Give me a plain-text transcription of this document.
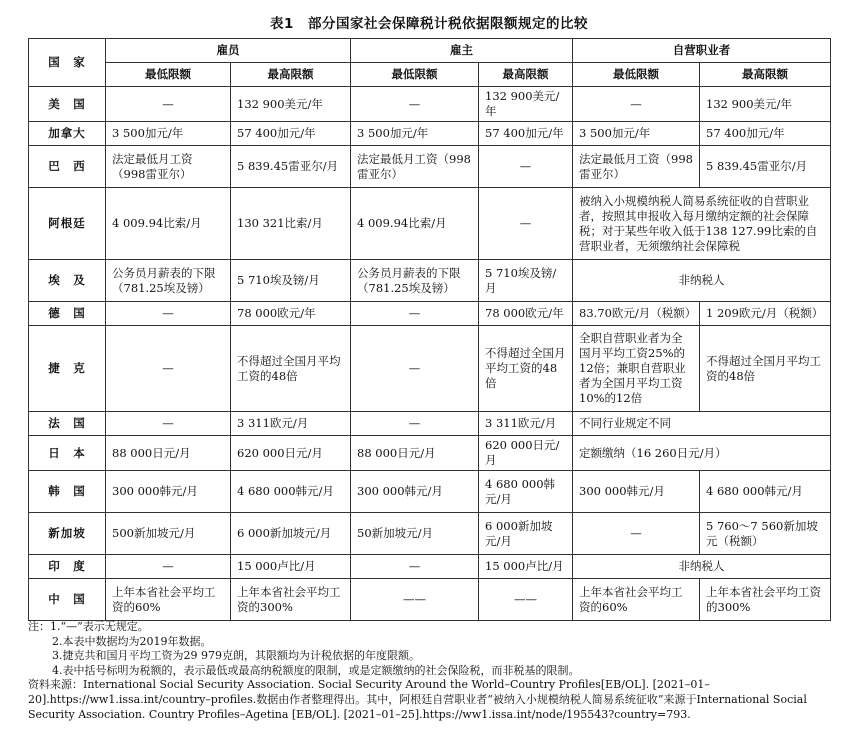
表1　部分国家社会保障税计税依据限额规定的比较
国　家	雇员		雇主		自营职业者	
	最低限额	最高限额	最低限额	最高限额	最低限额	最高限额
美　国	—	132 900美元/年	—	132 900美元/年	—	132 900美元/年
加拿大	3 500加元/年	57 400加元/年	3 500加元/年	57 400加元/年	3 500加元/年	57 400加元/年
巴　西	法定最低月工资（998雷亚尔）	5 839.45雷亚尔/月	法定最低月工资（998雷亚尔）	—	法定最低月工资（998雷亚尔）	5 839.45雷亚尔/月
阿根廷	4 009.94比索/月	130 321比索/月	4 009.94比索/月	—	被纳入小规模纳税人简易系统征收的自营职业者，按照其申报收入每月缴纳定额的社会保障税；对于某些年收入低于138 127.99比索的自营职业者，无须缴纳社会保障税	
埃　及	公务员月薪表的下限（781.25埃及镑）	5 710埃及镑/月	公务员月薪表的下限（781.25埃及镑）	5 710埃及镑/月	非纳税人	
德　国	—	78 000欧元/年	—	78 000欧元/年	83.70欧元/月（税额）	1 209欧元/月（税额）
捷　克	—	不得超过全国月平均工资的48倍	—	不得超过全国月平均工资的48倍	全职自营职业者为全国月平均工资25%的12倍；兼职自营职业者为全国月平均工资10%的12倍	不得超过全国月平均工资的48倍
法　国	—	3 311欧元/月	—	3 311欧元/月	不同行业规定不同	
日　本	88 000日元/月	620 000日元/月	88 000日元/月	620 000日元/月	定额缴纳（16 260日元/月）	
韩　国	300 000韩元/月	4 680 000韩元/月	300 000韩元/月	4 680 000韩元/月	300 000韩元/月	4 680 000韩元/月
新加坡	500新加坡元/月	6 000新加坡元/月	50新加坡元/月	6 000新加坡元/月	—	5 760～7 560新加坡元（税额）
印　度	—	15 000卢比/月	—	15 000卢比/月	非纳税人	
中　国	上年本省社会平均工资的60%	上年本省社会平均工资的300%	——	——	上年本省社会平均工资的60%	上年本省社会平均工资的300%
注：1.“—”表示无规定。
2.本表中数据均为2019年数据。
3.捷克共和国月平均工资为29 979克朗，其限额均为计税依据的年度限额。
4.表中括号标明为税额的，表示最低或最高纳税额度的限制，或是定额缴纳的社会保险税，而非税基的限制。
资料来源：International Social Security Association. Social Security Around the World–Country Profiles[EB/OL]. [2021–01–20].https://ww1.issa.int/country–profiles.数据由作者整理得出。其中，阿根廷自营职业者“被纳入小规模纳税人简易系统征收”来源于International Social Security Association. Country Profiles–Agetina [EB/OL]. [2021–01–25].https://ww1.issa.int/node/195543?country=793.
